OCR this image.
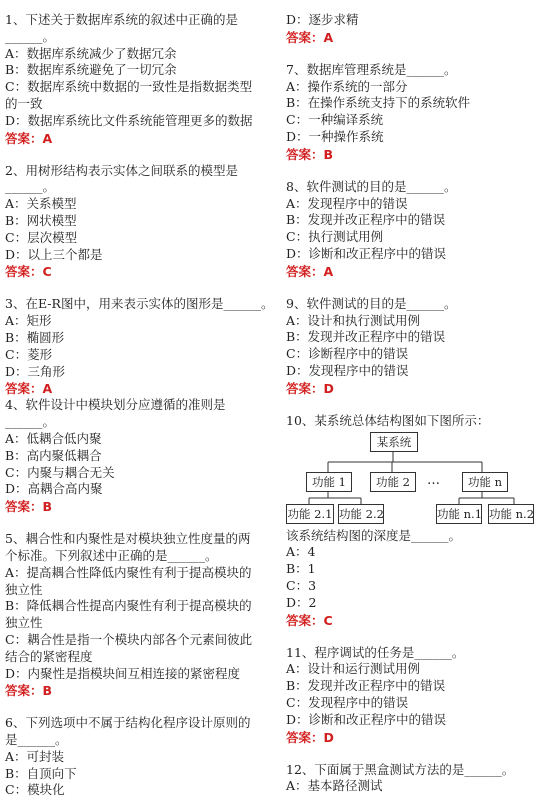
1、下述关于数据库系统的叙述中正确的是
______。
A：数据库系统减少了数据冗余
B：数据库系统避免了一切冗余
C：数据库系统中数据的一致性是指数据类型
的一致
D：数据库系统比文件系统能管理更多的数据
答案：A
2、用树形结构表示实体之间联系的模型是
______。
A：关系模型
B：网状模型
C：层次模型
D：以上三个都是
答案：C
3、在E-R图中，用来表示实体的图形是______。
A：矩形
B：椭圆形
C：菱形
D：三角形
答案：A
4、软件设计中模块划分应遵循的准则是
______。
A：低耦合低内聚
B：高内聚低耦合
C：内聚与耦合无关
D：高耦合高内聚
答案：B
5、耦合性和内聚性是对模块独立性度量的两
个标准。下列叙述中正确的是______。
A：提高耦合性降低内聚性有利于提高模块的
独立性
B：降低耦合性提高内聚性有利于提高模块的
独立性
C：耦合性是指一个模块内部各个元素间彼此
结合的紧密程度
D：内聚性是指模块间互相连接的紧密程度
答案：B
6、下列选项中不属于结构化程序设计原则的
是______。
A：可封装
B：自顶向下
C：模块化
D：逐步求精
答案：A
7、数据库管理系统是______。
A：操作系统的一部分
B：在操作系统支持下的系统软件
C：一种编译系统
D：一种操作系统
答案：B
8、软件测试的目的是______。
A：发现程序中的错误
B：发现并改正程序中的错误
C：执行测试用例
D：诊断和改正程序中的错误
答案：A
9、软件测试的目的是______。
A：设计和执行测试用例
B：发现并改正程序中的错误
C：诊断程序中的错误
D：发现程序中的错误
答案：D
10、某系统总体结构图如下图所示：
某系统
功能 1	功能 2	…	功能 n
功能 2.1 功能 2.2	功能 n.1 功能 n.2
该系统结构图的深度是______。
A：4
B：1
C：3
D：2
答案：C
11、程序调试的任务是______。
A：设计和运行测试用例
B：发现并改正程序中的错误
C：发现程序中的错误
D：诊断和改正程序中的错误
答案：D
12、下面属于黑盒测试方法的是______。
A：基本路径测试
